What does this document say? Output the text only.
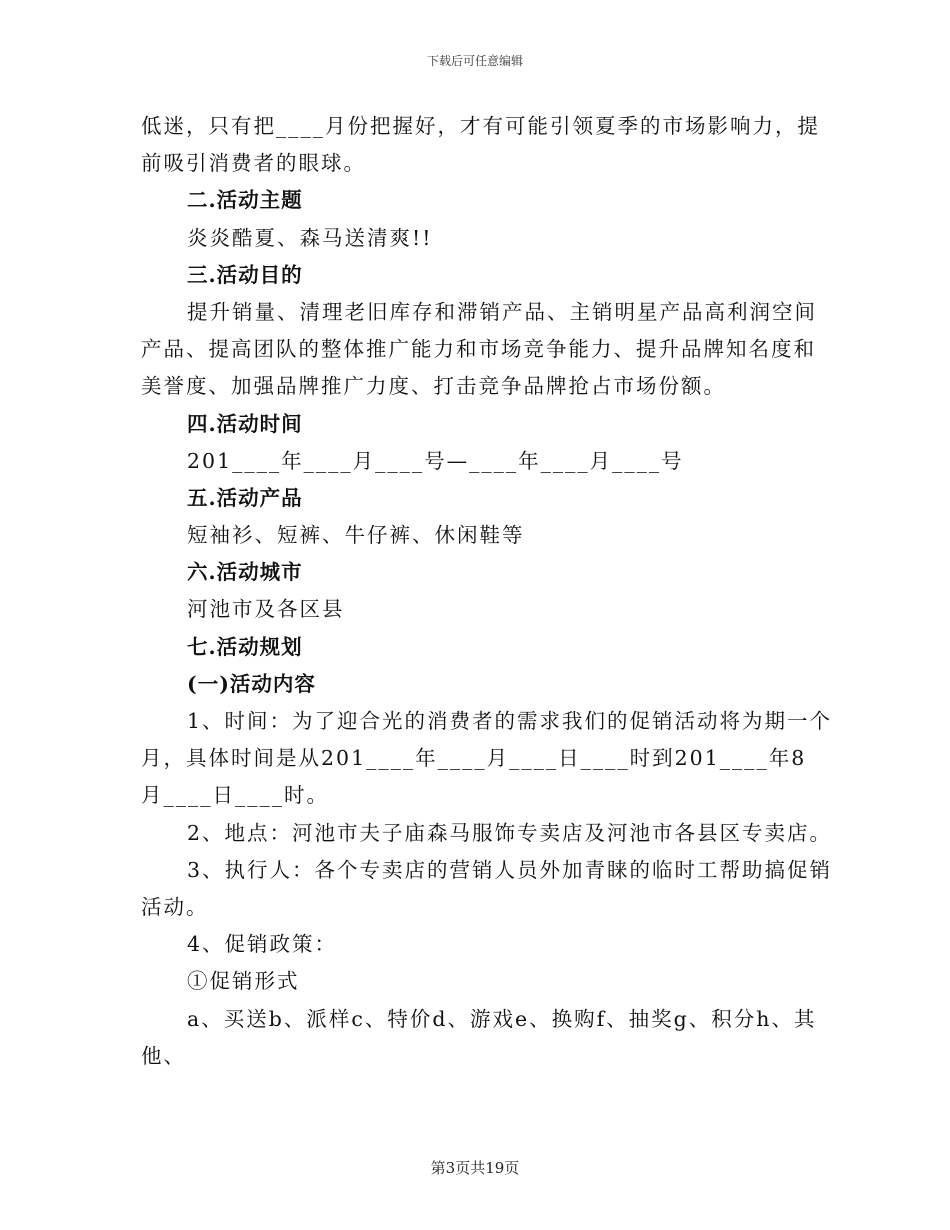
下载后可任意编辑
低迷，只有把____月份把握好，才有可能引领夏季的市场影响力，提
前吸引消费者的眼球。
二.活动主题
炎炎酷夏、森马送清爽!!
三.活动目的
提升销量、清理老旧库存和滞销产品、主销明星产品高利润空间
产品、提高团队的整体推广能力和市场竞争能力、提升品牌知名度和
美誉度、加强品牌推广力度、打击竞争品牌抢占市场份额。
四.活动时间
201____年____月____号—____年____月____号
五.活动产品
短袖衫、短裤、牛仔裤、休闲鞋等
六.活动城市
河池市及各区县
七.活动规划
(一)活动内容
1、时间：为了迎合光的消费者的需求我们的促销活动将为期一个
月，具体时间是从201____年____月____日____时到201____年8
月____日____时。
2、地点：河池市夫子庙森马服饰专卖店及河池市各县区专卖店。
3、执行人：各个专卖店的营销人员外加青睐的临时工帮助搞促销
活动。
4、促销政策：
①促销形式
a、买送b、派样c、特价d、游戏e、换购f、抽奖g、积分h、其
他、
第3页共19页
